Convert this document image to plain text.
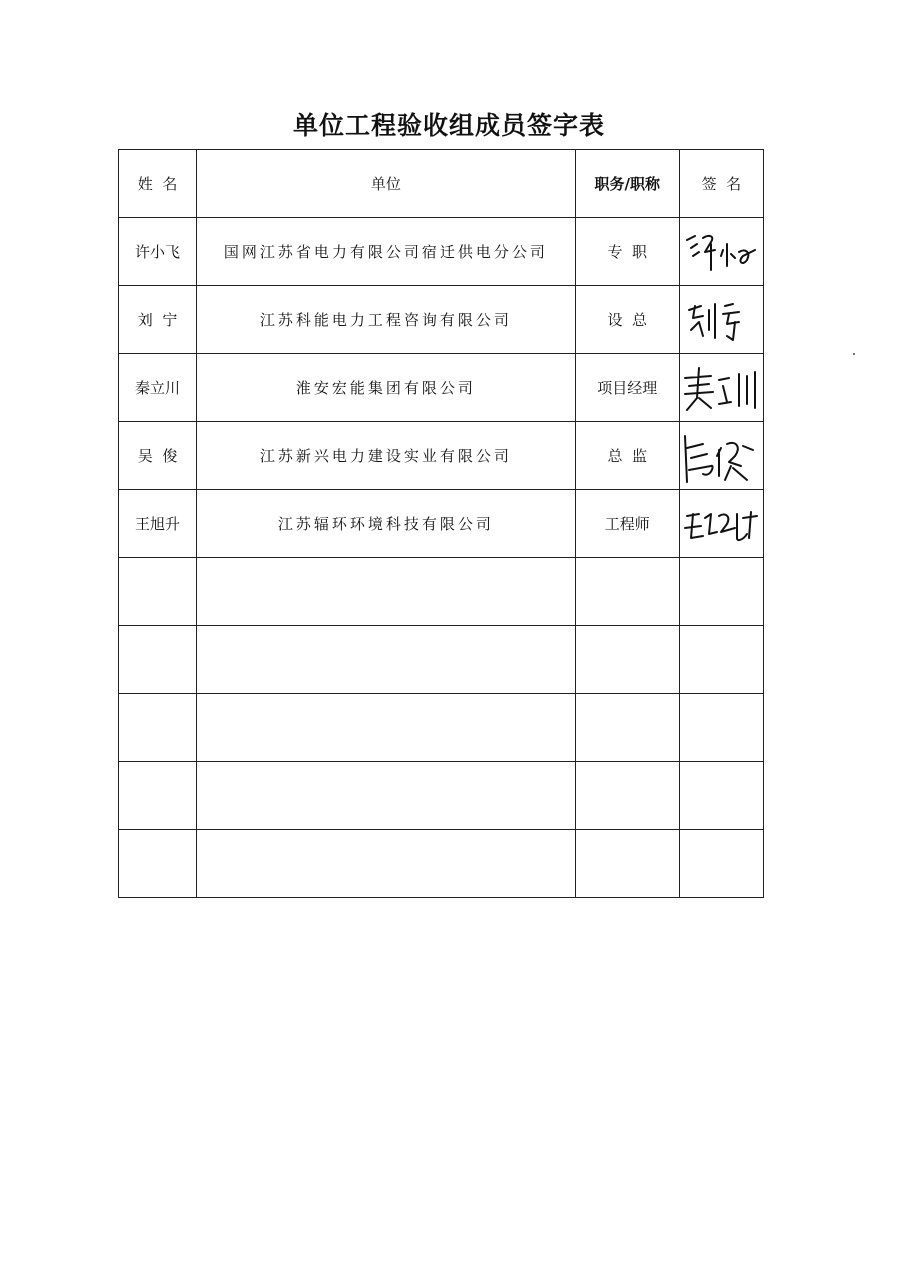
单位工程验收组成员签字表
姓  名	单位	职务/职称	签  名
许小飞	国网江苏省电力有限公司宿迁供电分公司	专  职	

刘  宁	江苏科能电力工程咨询有限公司	设  总	

秦立川	淮安宏能集团有限公司	项目经理	

吴  俊	江苏新兴电力建设实业有限公司	总  监	

王旭升	江苏辐环环境科技有限公司	工程师	
